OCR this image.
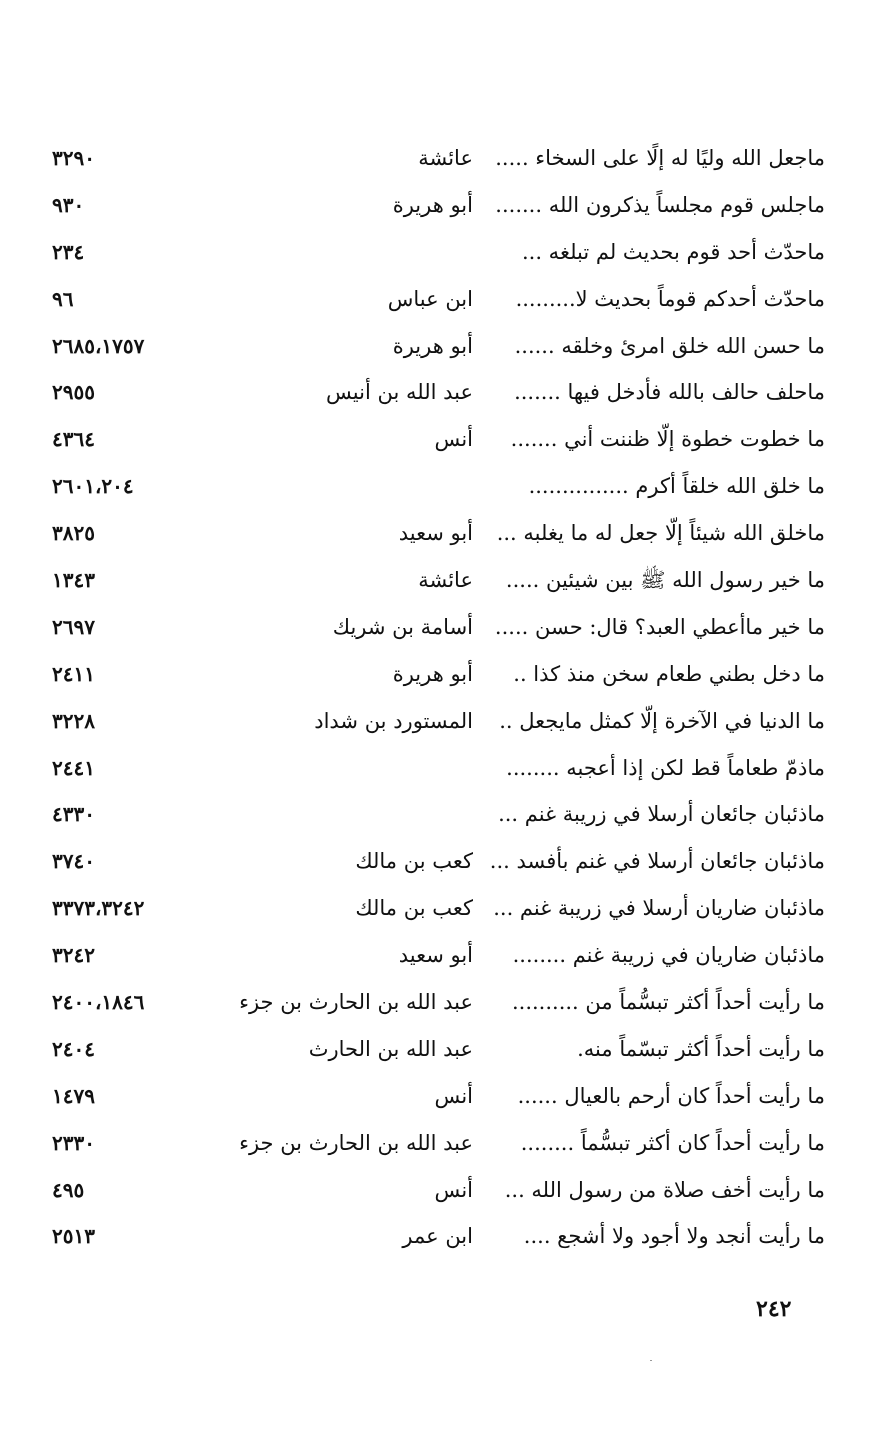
ماجعل الله وليًا له إلًا على السخاء .....
عائشة
٣٢٩٠
ماجلس قوم مجلساً يذكرون الله .......
أبو هريرة
٩٣٠
ماحدّث أحد قوم بحديث لم تبلغه ...
٢٣٤
ماحدّث أحدكم قوماً بحديث لا.........
ابن عباس
٩٦
ما حسن الله خلق امرئ وخلقه ......
أبو هريرة
٢٦٨٥،١٧٥٧
ماحلف حالف بالله فأدخل فيها .......
عبد الله بن أنيس
٢٩٥٥
ما خطوت خطوة إلّا ظننت أني .......
أنس
٤٣٦٤
ما خلق الله خلقاً أكرم ...............
٢٦٠١،٢٠٤
ماخلق الله شيئاً إلّا جعل له ما يغلبه ...
أبو سعيد
٣٨٢٥
ما خير رسول الله ﷺ بين شيئين .....
عائشة
١٣٤٣
ما خير ماأعطي العبد؟ قال: حسن .....
أسامة بن شريك
٢٦٩٧
ما دخل بطني طعام سخن منذ كذا ..
أبو هريرة
٢٤١١
ما الدنيا في الآخرة إلّا كمثل مايجعل ..
المستورد بن شداد
٣٢٢٨
ماذمّ طعاماً قط لكن إذا أعجبه ........
٢٤٤١
ماذئبان جائعان أرسلا في زريبة غنم ...
٤٣٣٠
ماذئبان جائعان أرسلا في غنم بأفسد ...
كعب بن مالك
٣٧٤٠
ماذئبان ضاريان أرسلا في زريبة غنم ...
كعب بن مالك
٣٣٧٣،٣٢٤٢
ماذئبان ضاريان في زريبة غنم ........
أبو سعيد
٣٢٤٢
ما رأيت أحداً أكثر تبسُّماً من ..........
عبد الله بن الحارث بن جزء
٢٤٠٠،١٨٤٦
ما رأيت أحداً أكثر تبسّماً منه.
عبد الله بن الحارث
٢٤٠٤
ما رأيت أحداً كان أرحم بالعيال ......
أنس
١٤٧٩
ما رأيت أحداً كان أكثر تبسُّماً ........
عبد الله بن الحارث بن جزء
٢٣٣٠
ما رأيت أخف صلاة من رسول الله ...
أنس
٤٩٥
ما رأيت أنجد ولا أجود ولا أشجع ....
ابن عمر
٢٥١٣
٢٤٢
